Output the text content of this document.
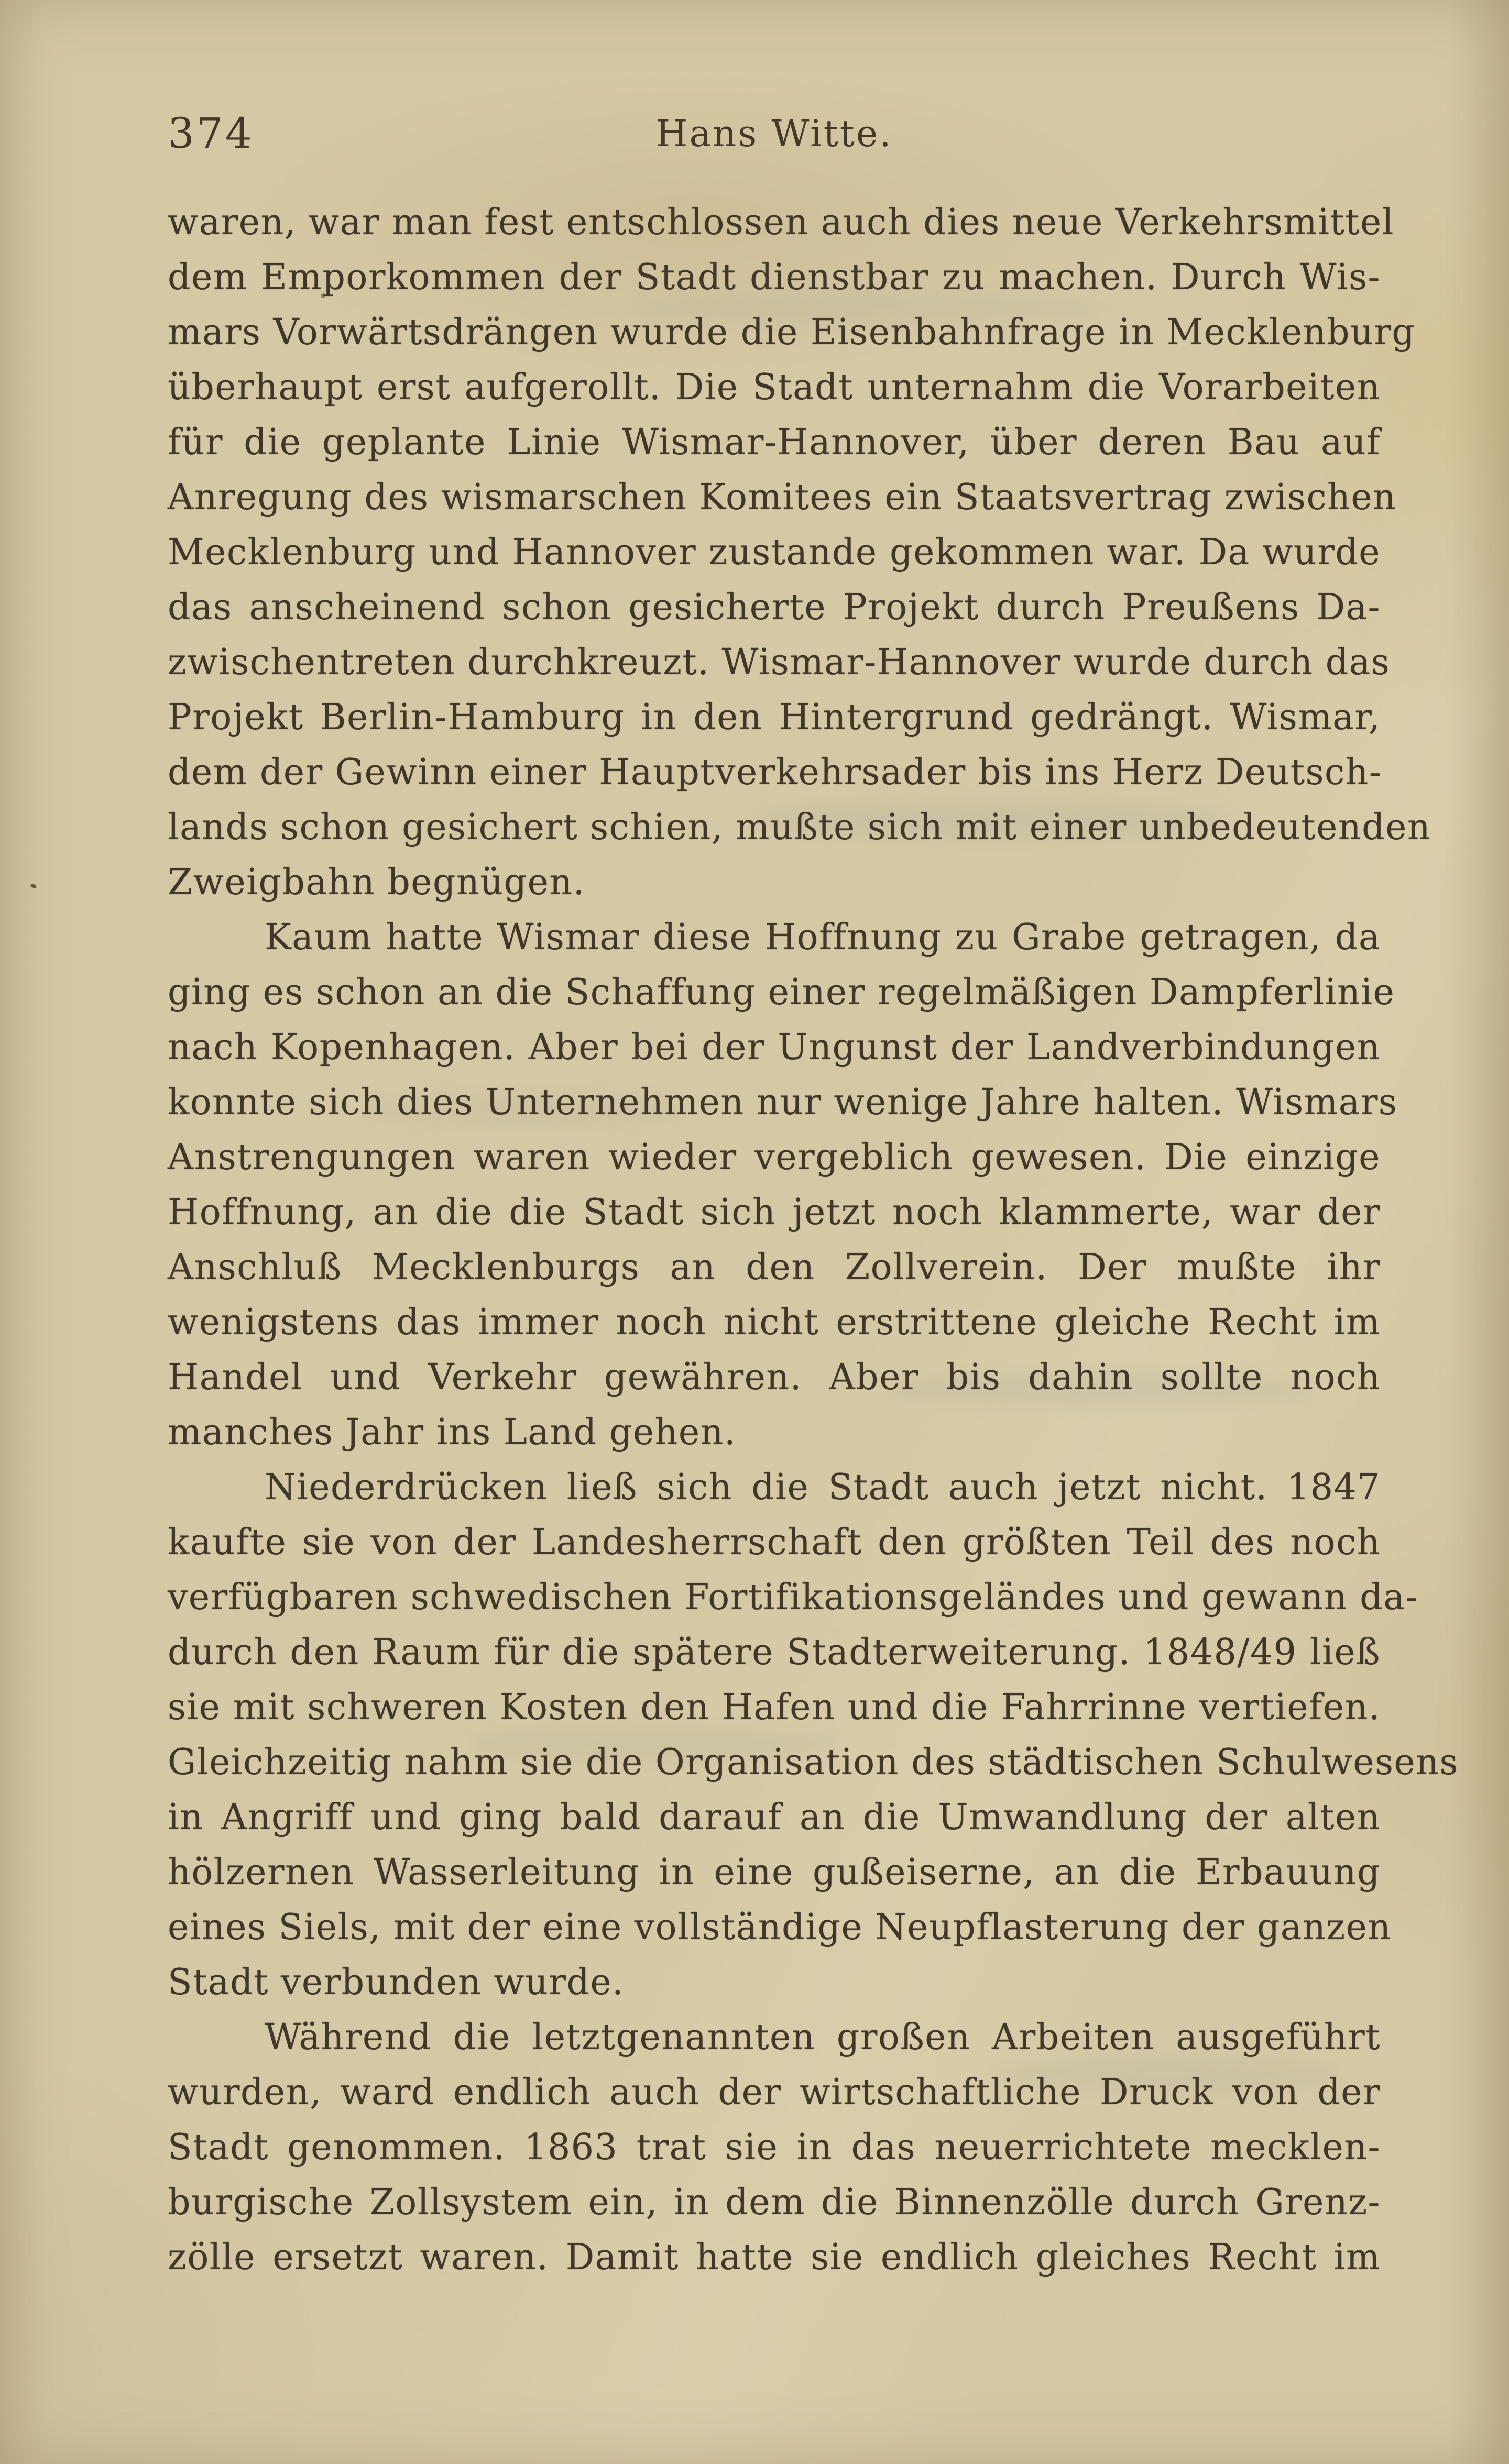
374	Hans Witte.
waren, war man fest entschlossen auch dies neue Verkehrsmittel
dem Emporkommen der Stadt dienstbar zu machen. Durch Wis-
mars Vorwärtsdrängen wurde die Eisenbahnfrage in Mecklenburg
überhaupt erst aufgerollt. Die Stadt unternahm die Vorarbeiten
für die geplante Linie Wismar-Hannover, über deren Bau auf
Anregung des wismarschen Komitees ein Staatsvertrag zwischen
Mecklenburg und Hannover zustande gekommen war. Da wurde
das anscheinend schon gesicherte Projekt durch Preußens Da-
zwischentreten durchkreuzt. Wismar-Hannover wurde durch das
Projekt Berlin-Hamburg in den Hintergrund gedrängt. Wismar,
dem der Gewinn einer Hauptverkehrsader bis ins Herz Deutsch-
lands schon gesichert schien, mußte sich mit einer unbedeutenden
Zweigbahn begnügen.
Kaum hatte Wismar diese Hoffnung zu Grabe getragen, da
ging es schon an die Schaffung einer regelmäßigen Dampferlinie
nach Kopenhagen. Aber bei der Ungunst der Landverbindungen
konnte sich dies Unternehmen nur wenige Jahre halten. Wismars
Anstrengungen waren wieder vergeblich gewesen. Die einzige
Hoffnung, an die die Stadt sich jetzt noch klammerte, war der
Anschluß Mecklenburgs an den Zollverein. Der mußte ihr
wenigstens das immer noch nicht erstrittene gleiche Recht im
Handel und Verkehr gewähren. Aber bis dahin sollte noch
manches Jahr ins Land gehen.
Niederdrücken ließ sich die Stadt auch jetzt nicht. 1847
kaufte sie von der Landesherrschaft den größten Teil des noch
verfügbaren schwedischen Fortifikationsgeländes und gewann da-
durch den Raum für die spätere Stadterweiterung. 1848/49 ließ
sie mit schweren Kosten den Hafen und die Fahrrinne vertiefen.
Gleichzeitig nahm sie die Organisation des städtischen Schulwesens
in Angriff und ging bald darauf an die Umwandlung der alten
hölzernen Wasserleitung in eine gußeiserne, an die Erbauung
eines Siels, mit der eine vollständige Neupflasterung der ganzen
Stadt verbunden wurde.
Während die letztgenannten großen Arbeiten ausgeführt
wurden, ward endlich auch der wirtschaftliche Druck von der
Stadt genommen. 1863 trat sie in das neuerrichtete mecklen-
burgische Zollsystem ein, in dem die Binnenzölle durch Grenz-
zölle ersetzt waren. Damit hatte sie endlich gleiches Recht im
